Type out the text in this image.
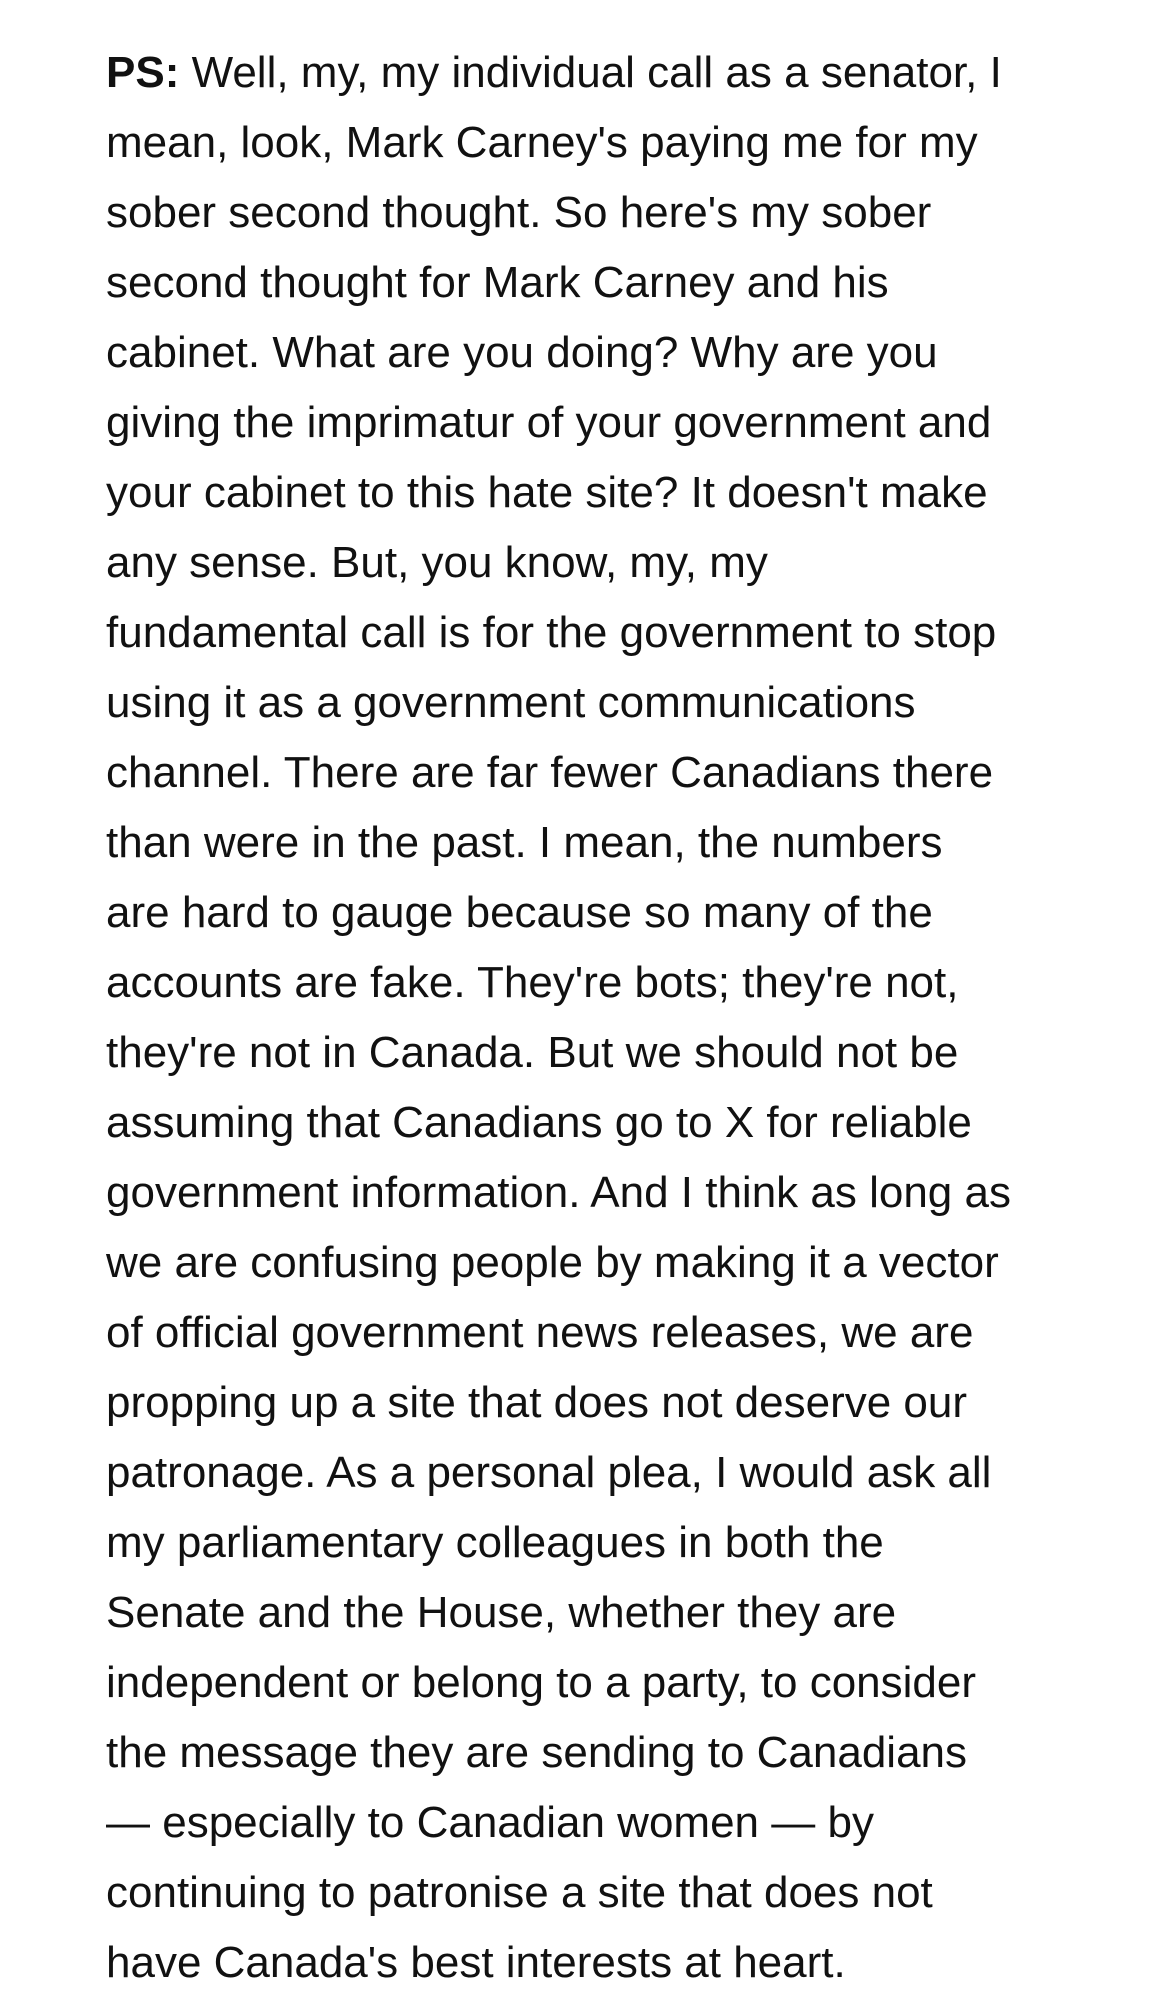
PS: Well, my, my individual call as a senator, I
mean, look, Mark Carney's paying me for my
sober second thought. So here's my sober
second thought for Mark Carney and his
cabinet. What are you doing? Why are you
giving the imprimatur of your government and
your cabinet to this hate site? It doesn't make
any sense. But, you know, my, my
fundamental call is for the government to stop
using it as a government communications
channel. There are far fewer Canadians there
than were in the past. I mean, the numbers
are hard to gauge because so many of the
accounts are fake. They're bots; they're not,
they're not in Canada. But we should not be
assuming that Canadians go to X for reliable
government information. And I think as long as
we are confusing people by making it a vector
of official government news releases, we are
propping up a site that does not deserve our
patronage. As a personal plea, I would ask all
my parliamentary colleagues in both the
Senate and the House, whether they are
independent or belong to a party, to consider
the message they are sending to Canadians
— especially to Canadian women — by
continuing to patronise a site that does not
have Canada's best interests at heart.
